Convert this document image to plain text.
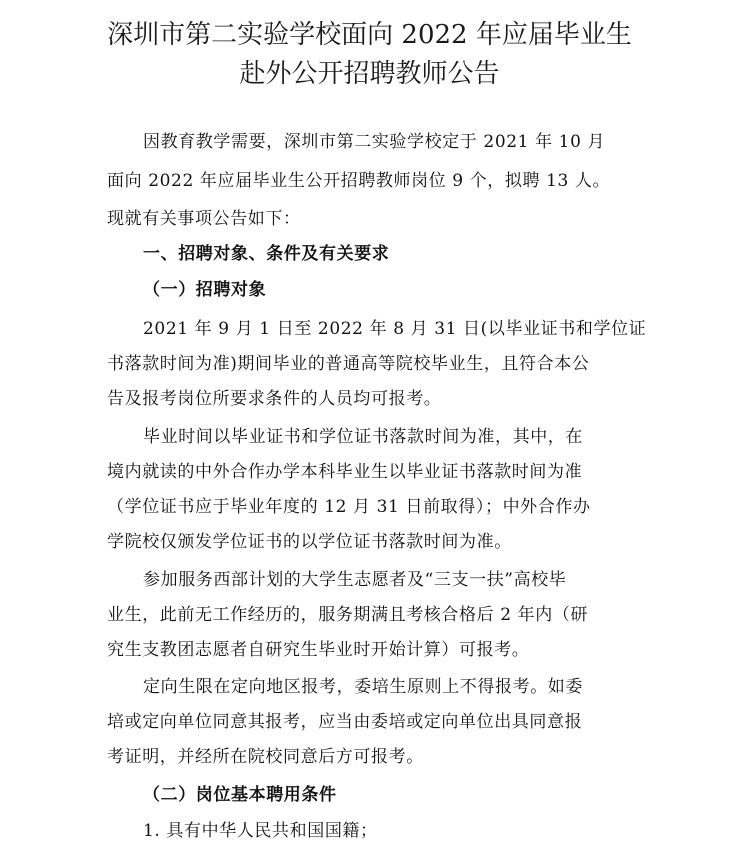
深圳市第二实验学校面向 2022 年应届毕业生
赴外公开招聘教师公告
因教育教学需要，深圳市第二实验学校定于 2021 年 10 月
面向 2022 年应届毕业生公开招聘教师岗位 9 个，拟聘 13 人。
现就有关事项公告如下：
一、招聘对象、条件及有关要求
（一）招聘对象
2021 年 9 月 1 日至 2022 年 8 月 31 日(以毕业证书和学位证
书落款时间为准)期间毕业的普通高等院校毕业生，且符合本公
告及报考岗位所要求条件的人员均可报考。
毕业时间以毕业证书和学位证书落款时间为准，其中，在
境内就读的中外合作办学本科毕业生以毕业证书落款时间为准
（学位证书应于毕业年度的 12 月 31 日前取得）；中外合作办
学院校仅颁发学位证书的以学位证书落款时间为准。
参加服务西部计划的大学生志愿者及“三支一扶”高校毕
业生，此前无工作经历的，服务期满且考核合格后 2 年内（研
究生支教团志愿者自研究生毕业时开始计算）可报考。
定向生限在定向地区报考，委培生原则上不得报考。如委
培或定向单位同意其报考，应当由委培或定向单位出具同意报
考证明，并经所在院校同意后方可报考。
（二）岗位基本聘用条件
1. 具有中华人民共和国国籍；
